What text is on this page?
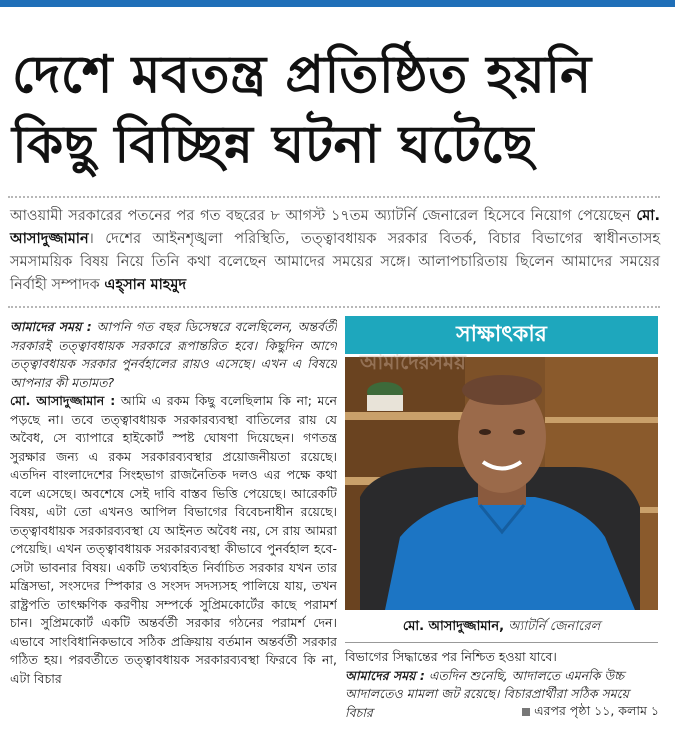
দেশে মবতন্ত্র প্রতিষ্ঠিত হয়নি
কিছু বিচ্ছিন্ন ঘটনা ঘটেছে
আওয়ামী সরকারের পতনের পর গত বছরের ৮ আগস্ট ১৭তম অ্যাটর্নি জেনারেল হিসেবে নিয়োগ পেয়েছেন মো. আসাদুজ্জামান। দেশের আইনশৃঙ্খলা পরিস্থিতি, তত্ত্বাবধায়ক সরকার বিতর্ক, বিচার বিভাগের স্বাধীনতাসহ সমসাময়িক বিষয় নিয়ে তিনি কথা বলেছেন আমাদের সময়ের সঙ্গে। আলাপচারিতায় ছিলেন আমাদের সময়ের নির্বাহী সম্পাদক এহ্সান মাহমুদ
আমাদের সময় : আপনি গত বছর ডিসেম্বরে বলেছিলেন, অন্তর্বর্তী সরকারই তত্ত্বাবধায়ক সরকারে রূপান্তরিত হবে। কিছুদিন আগে তত্ত্বাবধায়ক সরকার পুনর্বহালের রায়ও এসেছে। এখন এ বিষয়ে আপনার কী মতামত?
মো. আসাদুজ্জামান : আমি এ রকম কিছু বলেছিলাম কি না; মনে পড়ছে না। তবে তত্ত্বাবধায়ক সরকারব্যবস্থা বাতিলের রায় যে অবৈধ, সে ব্যাপারে হাইকোর্ট স্পষ্ট ঘোষণা দিয়েছেন। গণতন্ত্র সুরক্ষার জন্য এ রকম সরকারব্যবস্থার প্রয়োজনীয়তা রয়েছে। এতদিন বাংলাদেশের সিংহভাগ রাজনৈতিক দলও এর পক্ষে কথা বলে এসেছে। অবশেষে সেই দাবি বাস্তব ভিত্তি পেয়েছে। আরেকটি বিষয়, এটা তো এখনও আপিল বিভাগের বিবেচনাধীন রয়েছে। তত্ত্বাবধায়ক সরকারব্যবস্থা যে আইনত অবৈধ নয়, সে রায় আমরা পেয়েছি। এখন তত্ত্বাবধায়ক সরকারব্যবস্থা কীভাবে পুনর্বহাল হবে- সেটা ভাবনার বিষয়। একটি তথ্যবহিত নির্বাচিত সরকার যখন তার মন্ত্রিসভা, সংসদের স্পিকার ও সংসদ সদস্যসহ পালিয়ে যায়, তখন রাষ্ট্রপতি তাৎক্ষণিক করণীয় সম্পর্কে সুপ্রিমকোর্টের কাছে পরামর্শ চান। সুপ্রিমকোর্ট একটি অন্তর্বর্তী সরকার গঠনের পরামর্শ দেন। এভাবে সাংবিধানিকভাবে সঠিক প্রক্রিয়ায় বর্তমান অন্তর্বর্তী সরকার গঠিত হয়। পরবর্তীতে তত্ত্বাবধায়ক সরকারব্যবস্থা ফিরবে কি না, এটা বিচার
সাক্ষাৎকার
আমাদেরসময়
মো. আসাদুজ্জামান, অ্যাটর্নি জেনারেল
বিভাগের সিদ্ধান্তের পর নিশ্চিত হওয়া যাবে।
আমাদের সময় : এতদিন শুনেছি, আদালতে এমনকি উচ্চ আদালতেও মামলা জট রয়েছে। বিচারপ্রার্থীরা সঠিক সময়ে বিচার	এরপর পৃষ্ঠা ১১, কলাম ১
